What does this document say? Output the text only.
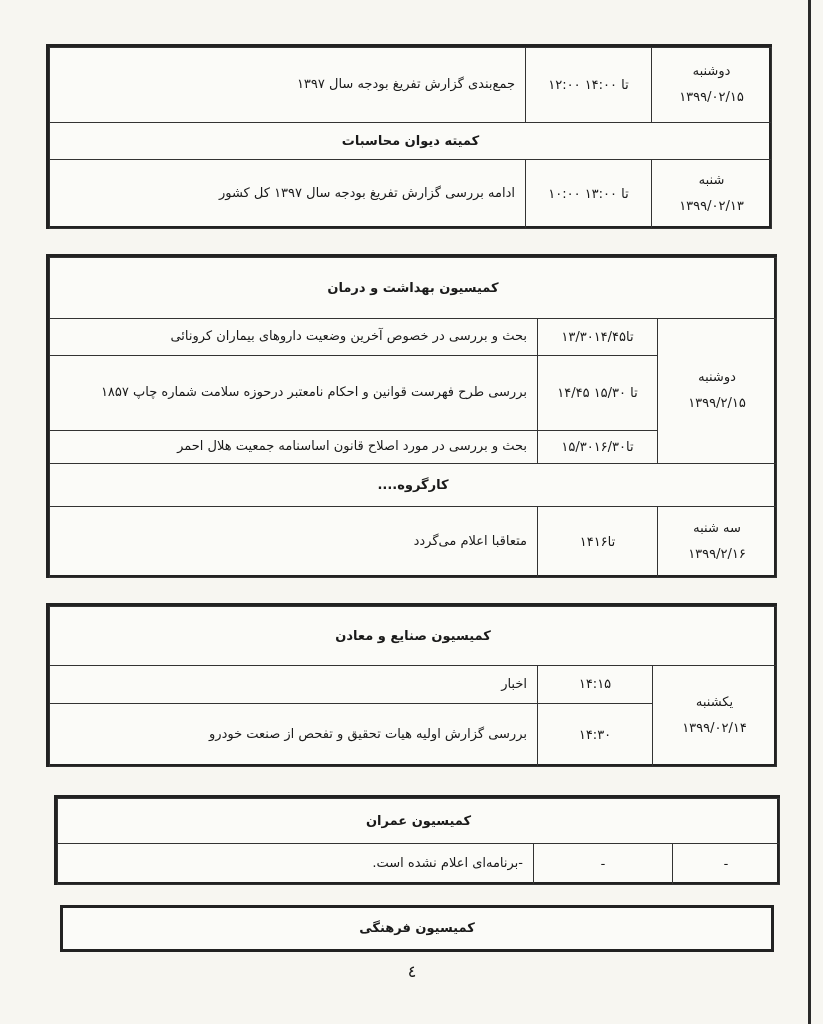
دوشنبه
۱۳۹۹/۰۲/۱۵
۱۲:۰۰ تا ۱۴:۰۰
جمع‌بندی گزارش تفریغ بودجه سال ۱۳۹۷
کمیته دیوان محاسبات
شنبه
۱۳۹۹/۰۲/۱۳
۱۰:۰۰ تا ۱۳:۰۰
ادامه بررسی گزارش تفریغ بودجه سال ۱۳۹۷ کل کشور
کمیسیون بهداشت و درمان
دوشنبه
۱۳۹۹/۲/۱۵
۱۳/۳۰تا۱۴/۴۵
بحث و بررسی در خصوص آخرین وضعیت داروهای بیماران کرونائی
۱۴/۴۵ تا ۱۵/۳۰
بررسی طرح فهرست قوانین و احکام نامعتبر درحوزه سلامت شماره چاپ ۱۸۵۷
۱۵/۳۰تا۱۶/۳۰
بحث و بررسی در مورد اصلاح قانون اساسنامه جمعیت هلال احمر
کارگروه....
سه شنبه
۱۳۹۹/۲/۱۶
۱۴تا۱۶
متعاقبا اعلام می‌گردد
کمیسیون صنایع و معادن
یکشنبه
۱۳۹۹/۰۲/۱۴
۱۴:۱۵
اخبار
۱۴:۳۰
بررسی گزارش اولیه هیات تحقیق و تفحص از صنعت خودرو
کمیسیون عمران
-
-
-برنامه‌ای اعلام نشده است.
کمیسیون فرهنگی
٤
